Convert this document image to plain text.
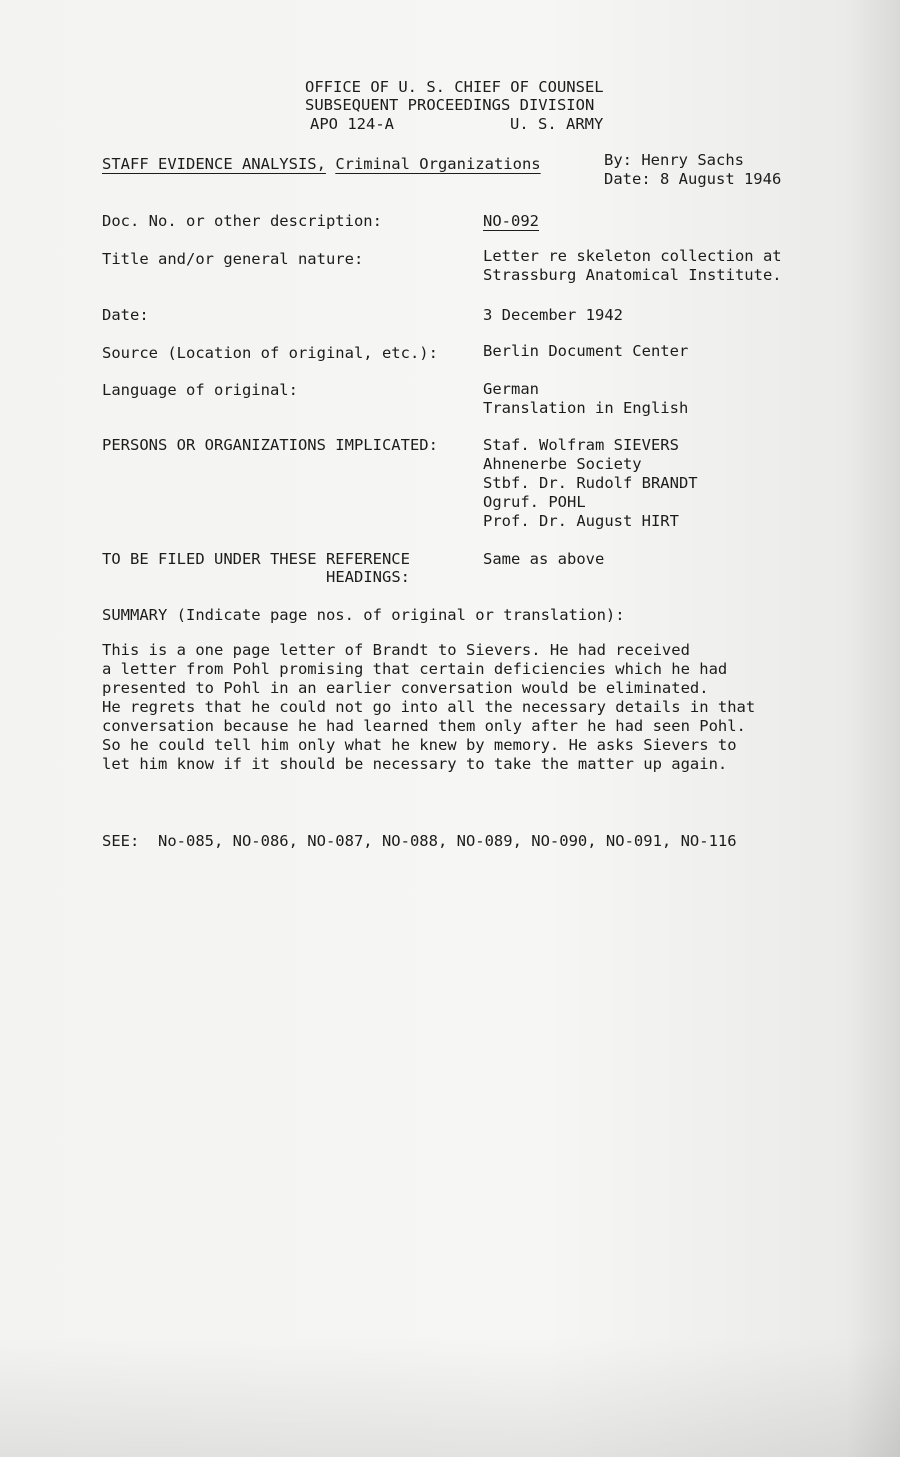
OFFICE OF U. S. CHIEF OF COUNSEL
SUBSEQUENT PROCEEDINGS DIVISION
APO 124-A	U. S. ARMY
STAFF EVIDENCE ANALYSIS, Criminal Organizations	By: Henry Sachs
Date: 8 August 1946
Doc. No. or other description:	NO-092
Title and/or general nature:	Letter re skeleton collection at
Strassburg Anatomical Institute.
Date:	3 December 1942
Source (Location of original, etc.):	Berlin Document Center
Language of original:	German
Translation in English
PERSONS OR ORGANIZATIONS IMPLICATED:	Staf. Wolfram SIEVERS
Ahnenerbe Society
Stbf. Dr. Rudolf BRANDT
Ogruf. POHL
Prof. Dr. August HIRT
TO BE FILED UNDER THESE REFERENCE
HEADINGS:
Same as above
SUMMARY (Indicate page nos. of original or translation):

This is a one page letter of Brandt to Sievers. He had received

a letter from Pohl promising that certain deficiencies which he had

presented to Pohl in an earlier conversation would be eliminated.

He regrets that he could not go into all the necessary details in that

conversation because he had learned them only after he had seen Pohl.

So he could tell him only what he knew by memory. He asks Sievers to

let him know if it should be necessary to take the matter up again.

SEE:  No-085, NO-086, NO-087, NO-088, NO-089, NO-090, NO-091, NO-116
